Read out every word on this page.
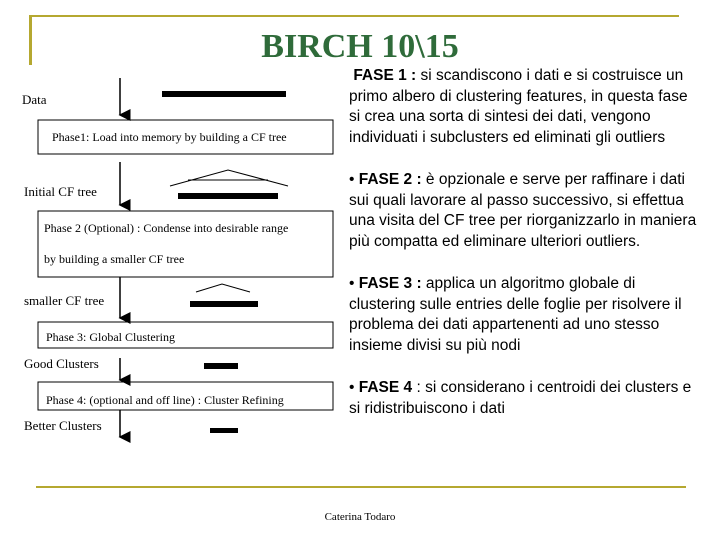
BIRCH 10\15
Data
Phase1: Load into memory by building a CF tree
Initial CF tree
Phase 2 (Optional) : Condense into desirable range
by building a smaller CF tree
smaller CF tree
Phase 3: Global Clustering
Good Clusters
Phase 4: (optional and off line) : Cluster Refining
Better Clusters

FASE 1 : si scandiscono i dati e si costruisce un primo albero di clustering features, in questa fase si crea una sorta di sintesi dei dati, vengono individuati i subclusters ed eliminati gli outliers

• FASE 2 : è opzionale e serve per raffinare i dati sui quali lavorare al passo successivo, si effettua una visita del CF tree per riorganizzarlo in maniera più compatta ed eliminare ulteriori outliers.

• FASE 3 : applica un algoritmo globale di clustering sulle entries delle foglie per risolvere il problema dei dati appartenenti ad uno stesso insieme divisi su più nodi

• FASE 4 : si considerano i centroidi dei clusters e si ridistribuiscono i dati

Caterina Todaro
